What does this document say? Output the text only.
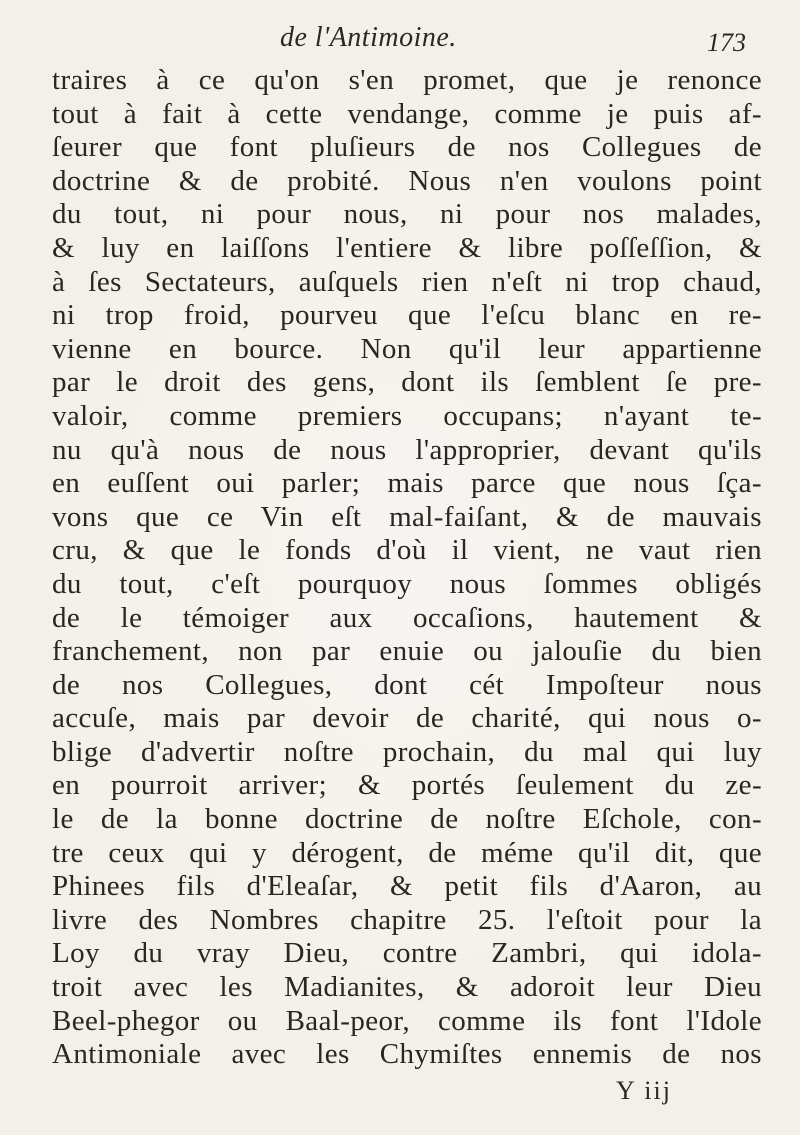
de l'Antimoine.	173
traires à ce qu'on s'en promet, que je renonce
tout à fait à cette vendange, comme je puis af-
ſeurer que font pluſieurs de nos Collegues de
doctrine & de probité. Nous n'en voulons point
du tout, ni pour nous, ni pour nos malades,
& luy en laiſſons l'entiere & libre poſſeſſion, &
à ſes Sectateurs, auſquels rien n'eſt ni trop chaud,
ni trop froid, pourveu que l'eſcu blanc en re-
vienne en bource. Non qu'il leur appartienne
par le droit des gens, dont ils ſemblent ſe pre-
valoir, comme premiers occupans; n'ayant te-
nu qu'à nous de nous l'approprier, devant qu'ils
en euſſent oui parler; mais parce que nous ſça-
vons que ce Vin eſt mal-faiſant, & de mauvais
cru, & que le fonds d'où il vient, ne vaut rien
du tout, c'eſt pourquoy nous ſommes obligés
de le témoiger aux occaſions, hautement &
franchement, non par enuie ou jalouſie du bien
de nos Collegues, dont cét Impoſteur nous
accuſe, mais par devoir de charité, qui nous o-
blige d'advertir noſtre prochain, du mal qui luy
en pourroit arriver; & portés ſeulement du ze-
le de la bonne doctrine de noſtre Eſchole, con-
tre ceux qui y dérogent, de méme qu'il dit, que
Phinees fils d'Eleaſar, & petit fils d'Aaron, au
livre des Nombres chapitre 25. l'eſtoit pour la
Loy du vray Dieu, contre Zambri, qui idola-
troit avec les Madianites, & adoroit leur Dieu
Beel-phegor ou Baal-peor, comme ils font l'Idole
Antimoniale avec les Chymiſtes ennemis de nos
Y iij
